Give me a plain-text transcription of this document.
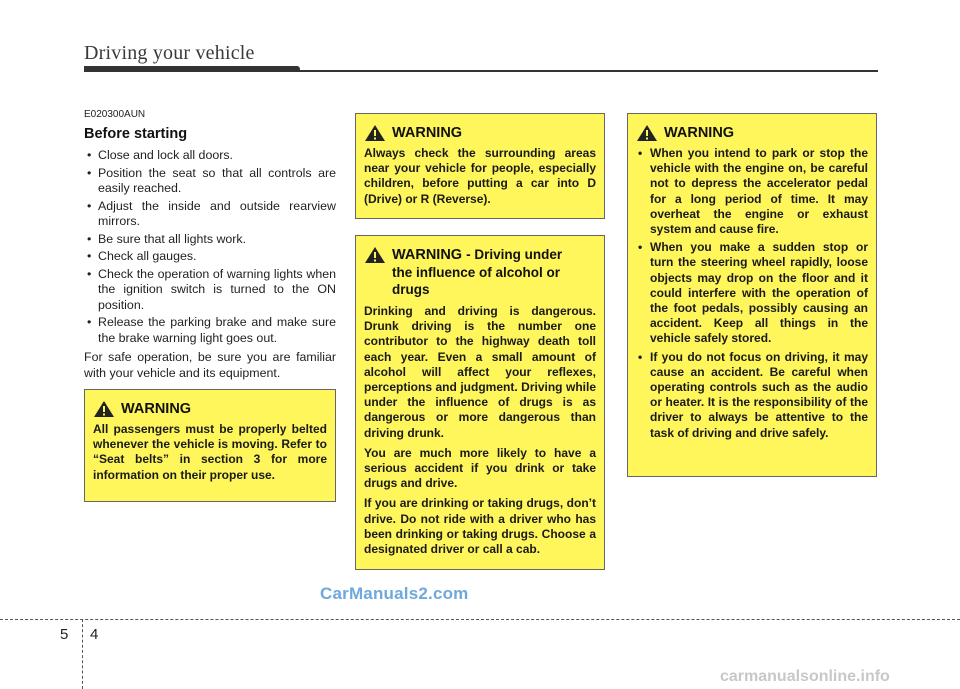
Driving your vehicle
E020300AUN
Before starting
• Close and lock all doors.
• Position the seat so that all controls are easily reached.
• Adjust the inside and outside rearview mirrors.
• Be sure that all lights work.
• Check all gauges.
• Check the operation of warning lights when the ignition switch is turned to the ON position.
• Release the parking brake and make sure the brake warning light goes out.
For safe operation, be sure you are familiar with your vehicle and its equipment.
WARNING

All passengers must be properly belted whenever the vehicle is moving. Refer to “Seat belts” in section 3 for more information on their proper use.

WARNING

Always check the surrounding areas near your vehicle for people, especially children, before putting a car into D (Drive) or R (Reverse).

WARNING - Driving under
the influence of alcohol or drugs

Drinking and driving is dangerous. Drunk driving is the number one contributor to the highway death toll each year. Even a small amount of alcohol will affect your reflexes, perceptions and judgment. Driving while under the influence of drugs is as dangerous or more dangerous than driving drunk.

You are much more likely to have a serious accident if you drink or take drugs and drive.

If you are drinking or taking drugs, don’t drive. Do not ride with a driver who has been drinking or taking drugs. Choose a designated driver or call a cab.

WARNING
• When you intend to park or stop the vehicle with the engine on, be careful not to depress the accelerator pedal for a long period of time. It may overheat the engine or exhaust system and cause fire.
• When you make a sudden stop or turn the steering wheel rapidly, loose objects may drop on the floor and it could interfere with the operation of the foot pedals, possibly causing an accident. Keep all things in the vehicle safely stored.
• If you do not focus on driving, it may cause an accident. Be careful when operating controls such as the audio or heater. It is the responsibility of the driver to always be attentive to the task of driving and drive safely.
CarManuals2.com
5 4
carmanualsonline.info
